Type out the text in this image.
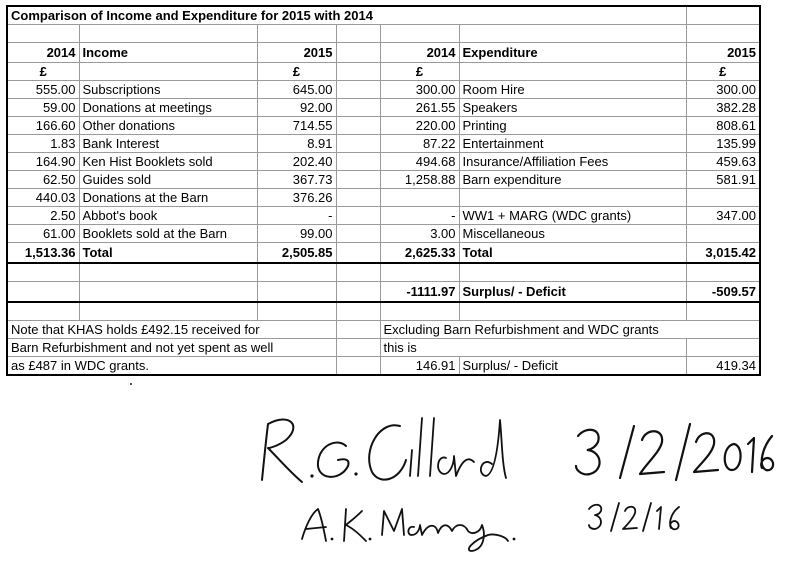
Comparison of Income and Expenditure for 2015 with 2014						

2014	Income	2015		2014	Expenditure	2015
£		£		£		£
555.00	Subscriptions	645.00		300.00	Room Hire	300.00
59.00	Donations at meetings	92.00		261.55	Speakers	382.28
166.60	Other donations	714.55		220.00	Printing	808.61
1.83	Bank Interest	8.91		87.22	Entertainment	135.99
164.90	Ken Hist Booklets sold	202.40		494.68	Insurance/Affiliation Fees	459.63
62.50	Guides sold	367.73		1,258.88	Barn expenditure	581.91
440.03	Donations at the Barn	376.26				
2.50	Abbot's book	-		-	WW1 + MARG (WDC grants)	347.00
61.00	Booklets sold at the Barn	99.00		3.00	Miscellaneous	
1,513.36	Total	2,505.85		2,625.33	Total	3,015.42

				-1111.97	Surplus/ - Deficit	-509.57

Note that KHAS holds £492.15 received for				Excluding Barn Refurbishment and WDC grants		
Barn Refurbishment and not yet spent as well				this is		
as £487 in WDC grants.				146.91	Surplus/ - Deficit	419.34
